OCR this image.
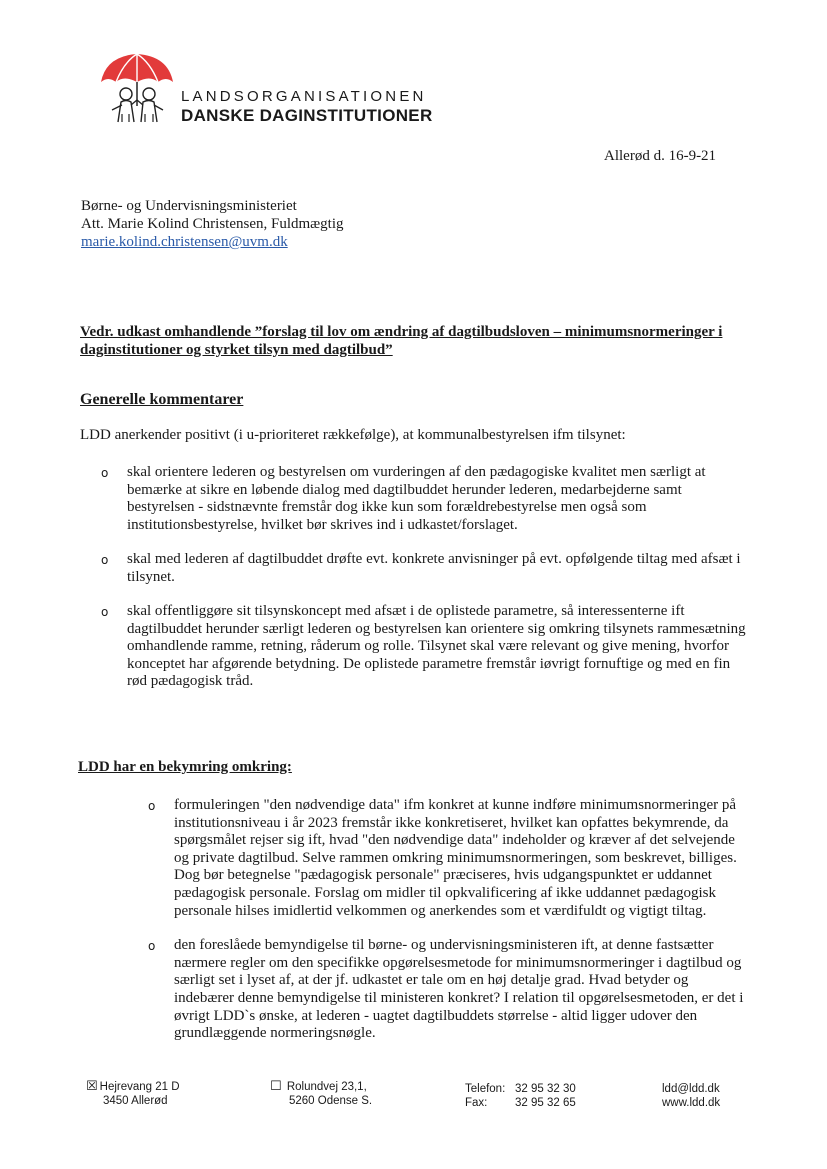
LANDSORGANISATIONEN
DANSKE DAGINSTITUTIONER
Allerød d. 16-9-21
Børne- og Undervisningsministeriet
Att. Marie Kolind Christensen, Fuldmægtig
marie.kolind.christensen@uvm.dk
Vedr. udkast omhandlende ”forslag til lov om ændring af dagtilbudsloven – minimumsnormeringer i daginstitutioner og styrket tilsyn med dagtilbud”
Generelle kommentarer
LDD anerkender positivt (i u-prioriteret rækkefølge), at kommunalbestyrelsen ifm tilsynet:
o skal orientere lederen og bestyrelsen om vurderingen af den pædagogiske kvalitet men særligt at bemærke at sikre en løbende dialog med dagtilbuddet herunder lederen, medarbejderne samt bestyrelsen - sidstnævnte fremstår dog ikke kun som forældrebestyrelse men også som institutionsbestyrelse, hvilket bør skrives ind i udkastet/forslaget.
o skal med lederen af dagtilbuddet drøfte evt. konkrete anvisninger på evt. opfølgende tiltag med afsæt i tilsynet.
o skal offentliggøre sit tilsynskoncept med afsæt i de oplistede parametre, så interessenterne ift dagtilbuddet herunder særligt lederen og bestyrelsen kan orientere sig omkring tilsynets rammesætning omhandlende ramme, retning, råderum og rolle. Tilsynet skal være relevant og give mening, hvorfor konceptet har afgørende betydning. De oplistede parametre fremstår iøvrigt fornuftige og med en fin rød pædagogisk tråd.
LDD har en bekymring omkring:
o formuleringen "den nødvendige data" ifm konkret at kunne indføre minimumsnormeringer på institutionsniveau i år 2023 fremstår ikke konkretiseret, hvilket kan opfattes bekymrende, da spørgsmålet rejser sig ift, hvad "den nødvendige data" indeholder og kræver af det selvejende og private dagtilbud. Selve rammen omkring minimumsnormeringen, som beskrevet, billiges. Dog bør betegnelse "pædagogisk personale" præciseres, hvis udgangspunktet er uddannet pædagogisk personale. Forslag om midler til opkvalificering af ikke uddannet pædagogisk personale hilses imidlertid velkommen og anerkendes som et værdifuldt og vigtigt tiltag.
o den foreslåede bemyndigelse til børne- og undervisningsministeren ift, at denne fastsætter nærmere regler om den specifikke opgørelsesmetode for minimumsnormeringer i dagtilbud og særligt set i lyset af, at der jf. udkastet er tale om en høj detalje grad. Hvad betyder og indebærer denne bemyndigelse til ministeren konkret? I relation til opgørelsesmetoden, er det i øvrigt LDD`s ønske, at lederen - uagtet dagtilbuddets størrelse - altid ligger udover den grundlæggende normeringsnøgle.
☒ Hejrevang 21 D
3450 Allerød
☐ Rolundvej 23,1,
5260 Odense S.
Telefon: 32 95 32 30
Fax: 32 95 32 65
ldd@ldd.dk
www.ldd.dk
